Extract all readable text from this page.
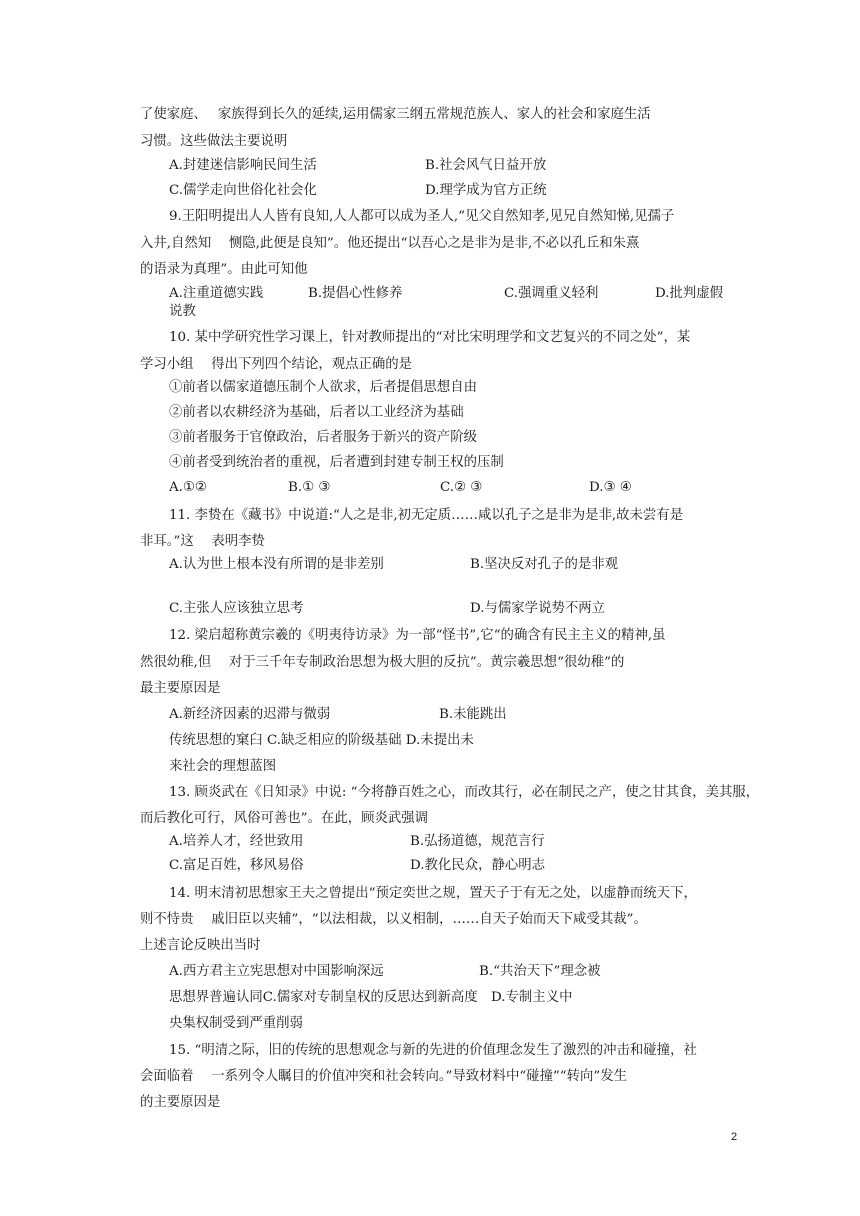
了使家庭、　 家族得到长久的延续,运用儒家三纲五常规范族人、家人的社会和家庭生活
习惯。这些做法主要说明
A.封建迷信影响民间生活	B.社会风气日益开放
C.儒学走向世俗化社会化	D.理学成为官方正统
9.王阳明提出人人皆有良知,人人都可以成为圣人,“见父自然知孝,见兄自然知悌,见孺子
入井,自然知　 恻隐,此便是良知”。他还提出“以吾心之是非为是非,不必以孔丘和朱熹
的语录为真理”。由此可知他
A.注重道德实践	B.提倡心性修养	C.强调重义轻利	D.批判虚假
说教
10. 某中学研究性学习课上，针对教师提出的“对比宋明理学和文艺复兴的不同之处”，某
学习小组　 得出下列四个结论，观点正确的是
①前者以儒家道德压制个人欲求，后者提倡思想自由
②前者以农耕经济为基础，后者以工业经济为基础
③前者服务于官僚政治，后者服务于新兴的资产阶级
④前者受到统治者的重视，后者遭到封建专制王权的压制
A.①②	B.① ③	C.② ③	D.③ ④
11. 李贽在《藏书》中说道:“人之是非,初无定质……咸以孔子之是非为是非,故未尝有是
非耳。”这　 表明李贽
A.认为世上根本没有所谓的是非差别	B.坚决反对孔子的是非观
C.主张人应该独立思考	D.与儒家学说势不两立
12. 梁启超称黄宗羲的《明夷待访录》为一部“怪书”,它“的确含有民主主义的精神,虽
然很幼稚,但　 对于三千年专制政治思想为极大胆的反抗”。黄宗羲思想“很幼稚”的
最主要原因是
A.新经济因素的迟滞与微弱	B.未能跳出
传统思想的窠臼 C.缺乏相应的阶级基础 D.未提出未
来社会的理想蓝图
13. 顾炎武在《日知录》中说: “今将静百姓之心，而改其行，必在制民之产，使之甘其食，美其服，
而后教化可行，风俗可善也”。在此，顾炎武强调
A.培养人才，经世致用	B.弘扬道德，规范言行
C.富足百姓，移风易俗	D.教化民众，静心明志
14. 明末清初思想家王夫之曾提出“预定奕世之规，置天子于有无之处，以虚静而统天下，
则不恃贵　 戚旧臣以夹辅”，“以法相裁，以义相制，……自天子始而天下咸受其裁”。
上述言论反映出当时
A.西方君主立宪思想对中国影响深远	B.“共治天下”理念被
思想界普遍认同C.儒家对专制皇权的反思达到新高度　D.专制主义中
央集权制受到严重削弱
15. “明清之际，旧的传统的思想观念与新的先进的价值理念发生了激烈的冲击和碰撞，社
会面临着　 一系列令人瞩目的价值冲突和社会转向。”导致材料中“碰撞”“转向”发生
的主要原因是
2
